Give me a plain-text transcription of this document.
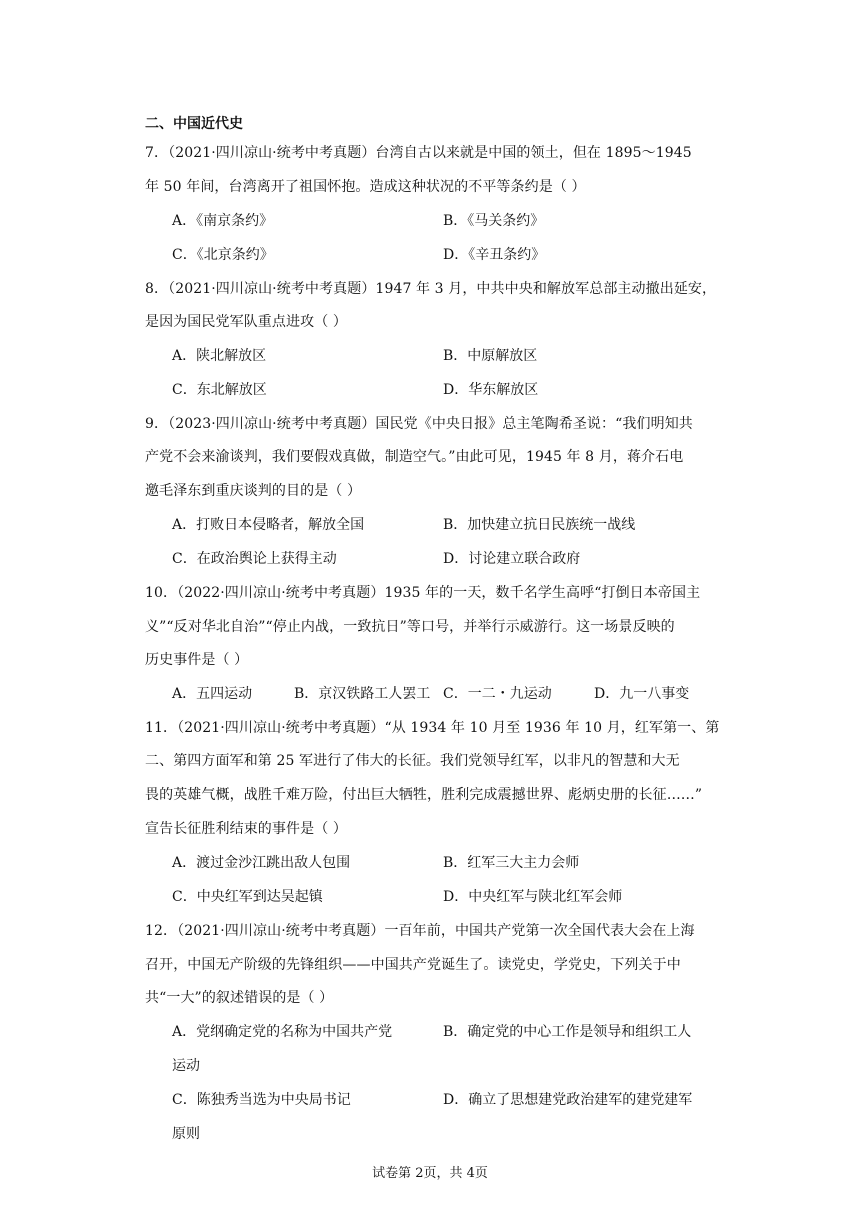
二、中国近代史
7．（2021·四川凉山·统考中考真题）台湾自古以来就是中国的领土，但在 1895～1945
年 50 年间，台湾离开了祖国怀抱。造成这种状况的不平等条约是（ ）
A．《南京条约》	B．《马关条约》
C．《北京条约》	D．《辛丑条约》
8．（2021·四川凉山·统考中考真题）1947 年 3 月，中共中央和解放军总部主动撤出延安，
是因为国民党军队重点进攻（ ）
A．陕北解放区	B．中原解放区
C．东北解放区	D．华东解放区
9．（2023·四川凉山·统考中考真题）国民党《中央日报》总主笔陶希圣说：“我们明知共
产党不会来渝谈判，我们要假戏真做，制造空气。”由此可见，1945 年 8 月，蒋介石电
邀毛泽东到重庆谈判的目的是（ ）
A．打败日本侵略者，解放全国	B．加快建立抗日民族统一战线
C．在政治舆论上获得主动	D．讨论建立联合政府
10．（2022·四川凉山·统考中考真题）1935 年的一天，数千名学生高呼“打倒日本帝国主
义”“反对华北自治”“停止内战，一致抗日”等口号，并举行示威游行。这一场景反映的
历史事件是（ ）
A．五四运动	B．京汉铁路工人罢工 C．一二・九运动	D．九一八事变
11．（2021·四川凉山·统考中考真题）“从 1934 年 10 月至 1936 年 10 月，红军第一、第
二、第四方面军和第 25 军进行了伟大的长征。我们党领导红军，以非凡的智慧和大无
畏的英雄气概，战胜千难万险，付出巨大牺牲，胜利完成震撼世界、彪炳史册的长征……”
宣告长征胜利结束的事件是（ ）
A．渡过金沙江跳出敌人包围	B．红军三大主力会师
C．中央红军到达吴起镇	D．中央红军与陕北红军会师
12．（2021·四川凉山·统考中考真题）一百年前，中国共产党第一次全国代表大会在上海
召开，中国无产阶级的先锋组织——中国共产党诞生了。读党史，学党史，下列关于中
共“一大”的叙述错误的是（ ）
A．党纲确定党的名称为中国共产党	B．确定党的中心工作是领导和组织工人
运动
C．陈独秀当选为中央局书记	D．确立了思想建党政治建军的建党建军
原则
试卷第 2页，共 4页
